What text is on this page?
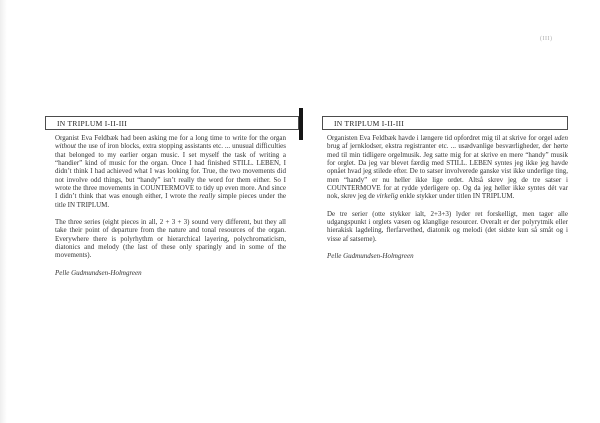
(III)
IN TRIPLUM I-II-III	IN TRIPLUM I-II-III

Organist Eva Feldbæk had been asking me for a long time to write for the organ without the use of iron blocks, extra stopping assistants etc. ... unusual difficulties that belonged to my earlier organ music. I set myself the task of writing a “handier” kind of music for the organ. Once I had finished STILL. LEBEN, I didn’t think I had achieved what I was looking for. True, the two movements did not involve odd things, but “handy” isn’t really the word for them either. So I wrote the three movements in COUNTERMOVE to tidy up even more. And since I didn’t think that was enough either, I wrote the really simple pieces under the title IN TRIPLUM.

The three series (eight pieces in all, 2 + 3 + 3) sound very different, but they all take their point of departure from the nature and tonal resources of the organ. Everywhere there is polyrhythm or hierarchical layering, polychromaticism, diatonics and melody (the last of these only sparingly and in some of the movements).

Pelle Gudmundsen-Holmgreen

Organisten Eva Feldbæk havde i længere tid opfordret mig til at skrive for orgel uden brug af jernklodser, ekstra registranter etc. ... usædvanlige besværligheder, der hørte med til min tidligere orgelmusik. Jeg satte mig for at skrive en mere “handy” musik for orglet. Da jeg var blevet færdig med STILL. LEBEN syntes jeg ikke jeg havde opnået hvad jeg stilede efter. De to satser involverede ganske vist ikke underlige ting, men “handy” er nu heller ikke lige ordet. Altså skrev jeg de tre satser i COUNTERMOVE for at rydde yderligere op. Og da jeg heller ikke syntes dét var nok, skrev jeg de virkelig enkle stykker under titlen IN TRIPLUM.

De tre serier (otte stykker ialt, 2+3+3) lyder ret forskelligt, men tager alle udgangspunkt i orglets væsen og klanglige resourcer. Overalt er der polyrytmik eller hierakisk lagdeling, flerfarvethed, diatonik og melodi (det sidste kun så småt og i visse af satserne).

Pelle Gudmundsen-Holmgreen
